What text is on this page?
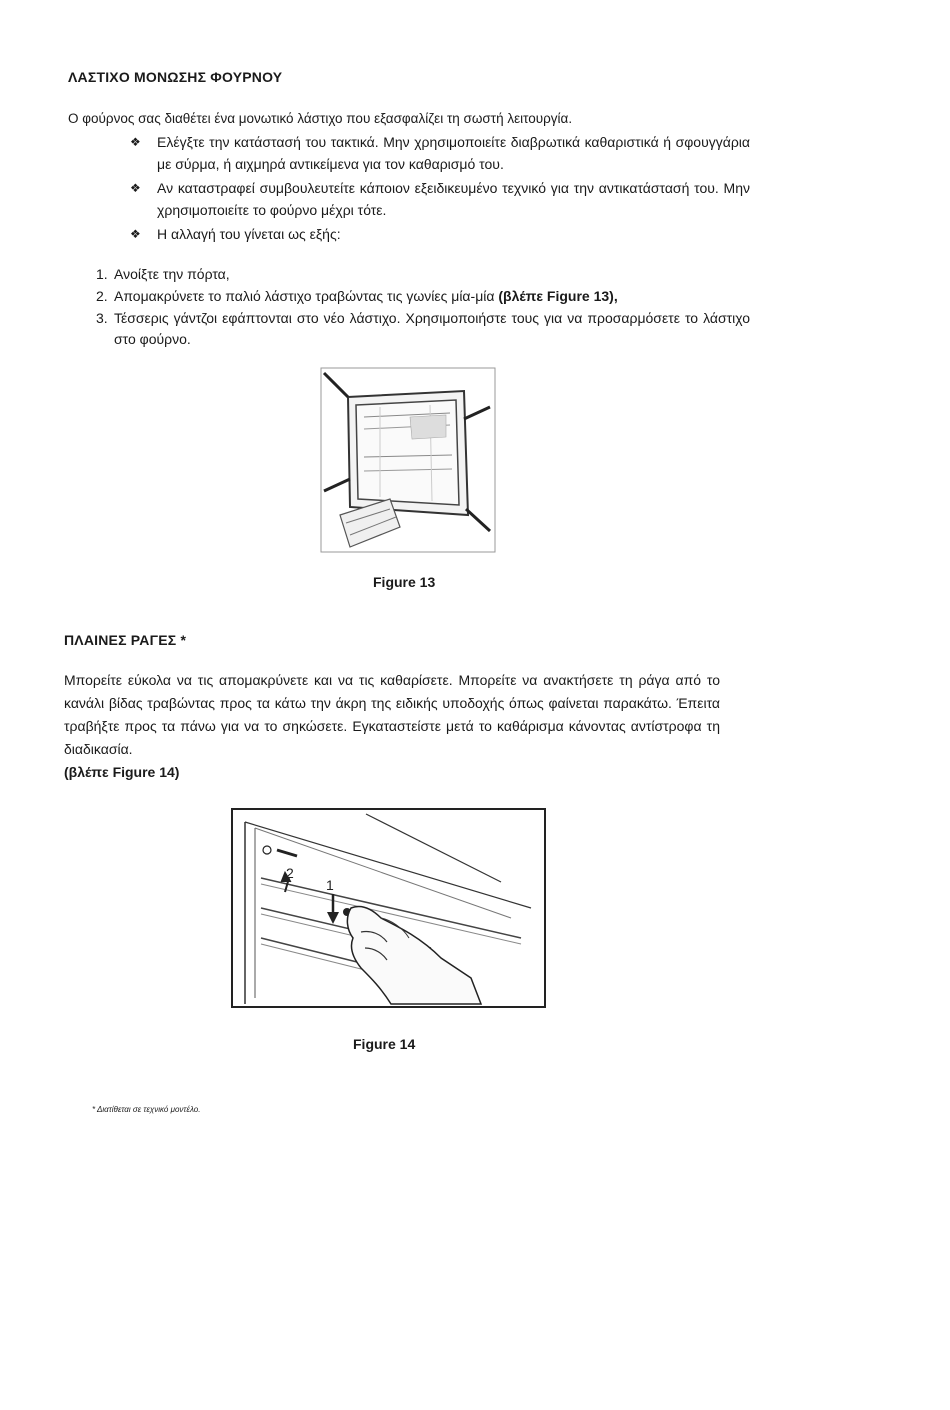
ΛΑΣΤΙΧΟ ΜΟΝΩΣΗΣ ΦΟΥΡΝΟΥ
Ο φούρνος σας διαθέτει ένα μονωτικό λάστιχο που εξασφαλίζει τη σωστή λειτουργία.
❖ Ελέγξτε την κατάστασή του τακτικά. Μην χρησιμοποιείτε διαβρωτικά καθαριστικά ή σφουγγάρια με σύρμα, ή αιχμηρά αντικείμενα για τον καθαρισμό του.
❖ Αν καταστραφεί συμβουλευτείτε κάποιον εξειδικευμένο τεχνικό για την αντικατάστασή του. Μην χρησιμοποιείτε το φούρνο μέχρι τότε.
❖ Η αλλαγή του γίνεται ως εξής:
1. Ανοίξτε την πόρτα,
2. Απομακρύνετε το παλιό λάστιχο τραβώντας τις γωνίες μία-μία (βλέπε Figure 13),
3. Τέσσερις γάντζοι εφάπτονται στο νέο λάστιχο. Χρησιμοποιήστε τους για να προσαρμόσετε το λάστιχο στο φούρνο.
Figure 13
ΠΛΑΙΝΕΣ ΡΑΓΕΣ *
Μπορείτε εύκολα να τις απομακρύνετε και να τις καθαρίσετε. Μπορείτε να ανακτήσετε τη ράγα από το κανάλι βίδας τραβώντας προς τα κάτω την άκρη της ειδικής υποδοχής όπως φαίνεται παρακάτω. Έπειτα τραβήξτε προς τα πάνω για να το σηκώσετε. Εγκαταστείστε μετά το καθάρισμα κάνοντας αντίστροφα τη διαδικασία.
(βλέπε Figure 14)
2
1
Figure 14
* Διατίθεται σε τεχνικό μοντέλο.
